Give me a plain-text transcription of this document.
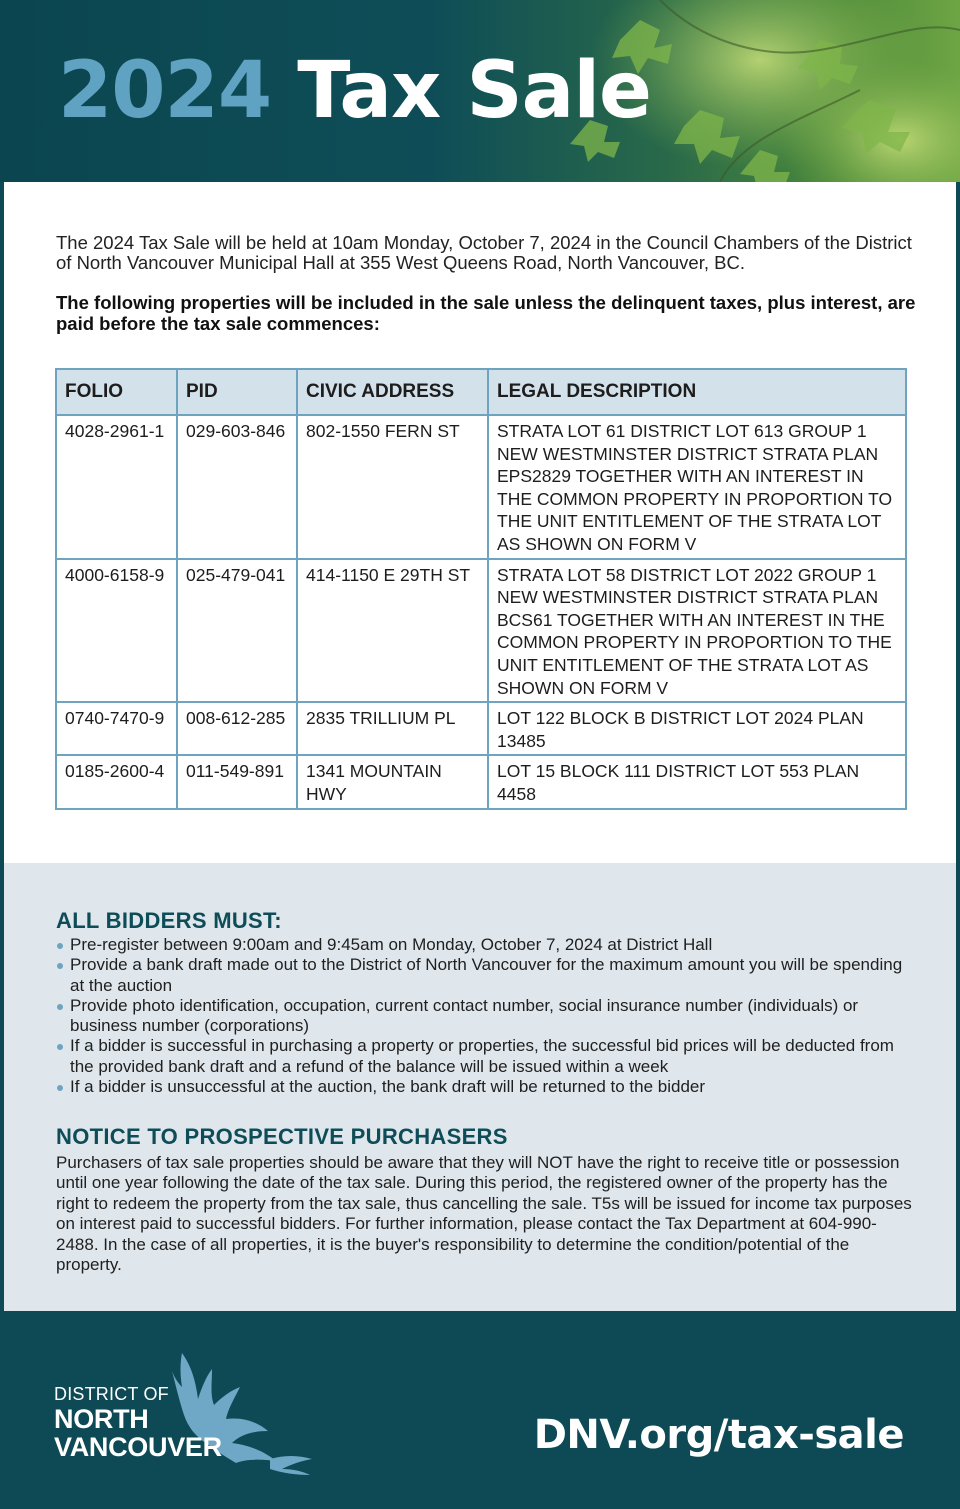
2024 Tax Sale

The 2024 Tax Sale will be held at 10am Monday, October 7, 2024 in the Council Chambers of the District of North Vancouver Municipal Hall at 355 West Queens Road, North Vancouver, BC.

The following properties will be included in the sale unless the delinquent taxes, plus interest, are paid before the tax sale commences:

FOLIO	PID	CIVIC ADDRESS	LEGAL DESCRIPTION
4028-2961-1	029-603-846	802-1550 FERN ST	STRATA LOT 61 DISTRICT LOT 613 GROUP 1 NEW WESTMINSTER DISTRICT STRATA PLAN EPS2829 TOGETHER WITH AN INTEREST IN THE COMMON PROPERTY IN PROPORTION TO THE UNIT ENTITLEMENT OF THE STRATA LOT AS SHOWN ON FORM V
4000-6158-9	025-479-041	414-1150 E 29TH ST	STRATA LOT 58 DISTRICT LOT 2022 GROUP 1 NEW WESTMINSTER DISTRICT STRATA PLAN BCS61 TOGETHER WITH AN INTEREST IN THE COMMON PROPERTY IN PROPORTION TO THE UNIT ENTITLEMENT OF THE STRATA LOT AS SHOWN ON FORM V
0740-7470-9	008-612-285	2835 TRILLIUM PL	LOT 122 BLOCK B DISTRICT LOT 2024 PLAN 13485
0185-2600-4	011-549-891	1341 MOUNTAIN HWY	LOT 15 BLOCK 111 DISTRICT LOT 553 PLAN 4458
ALL BIDDERS MUST:
Pre-register between 9:00am and 9:45am on Monday, October 7, 2024 at District Hall
Provide a bank draft made out to the District of North Vancouver for the maximum amount you will be spending at the auction
Provide photo identification, occupation, current contact number, social insurance number (individuals) or business number (corporations)
If a bidder is successful in purchasing a property or properties, the successful bid prices will be deducted from the provided bank draft and a refund of the balance will be issued within a week
If a bidder is unsuccessful at the auction, the bank draft will be returned to the bidder
NOTICE TO PROSPECTIVE PURCHASERS

Purchasers of tax sale properties should be aware that they will NOT have the right to receive title or possession until one year following the date of the tax sale. During this period, the registered owner of the property has the right to redeem the property from the tax sale, thus cancelling the sale. T5s will be issued for income tax purposes on interest paid to successful bidders. For further information, please contact the Tax Department at 604-990-2488. In the case of all properties, it is the buyer's responsibility to determine the condition/potential of the property.

DISTRICT OF
NORTH
VANCOUVER	DNV.org/tax-sale
